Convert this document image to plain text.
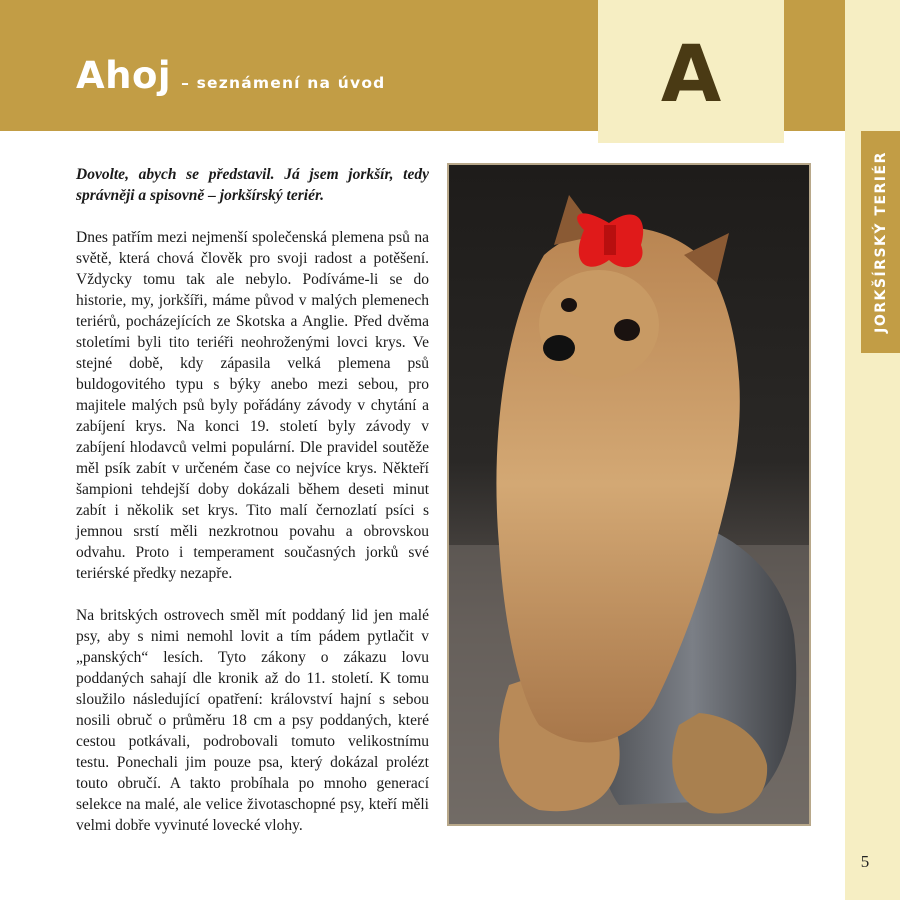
Ahoj – seznámení na úvod	A
JORKŠÍRSKÝ TERIÉR
5

Dovolte, abych se představil. Já jsem jorkšír, tedy správněji a spisovně – jorkšírský teriér.

Dnes patřím mezi nejmenší společenská plemena psů na světě, která chová člověk pro svoji radost a potěšení. Vždycky tomu tak ale nebylo. Podíváme-li se do historie, my, jorkšíři, máme původ v malých plemenech teriérů, pocházejících ze Skotska a Anglie. Před dvěma stoletími byli tito teriéři neohroženými lovci krys. Ve stejné době, kdy zápasila velká plemena psů buldogovitého typu s býky anebo mezi sebou, pro majitele malých psů byly pořádány závody v chytání a zabíjení krys. Na konci 19. století byly závody v zabíjení hlodavců velmi populární. Dle pravidel soutěže měl psík zabít v určeném čase co nejvíce krys. Někteří šampioni tehdejší doby dokázali během deseti minut zabít i několik set krys. Tito malí černozlatí psíci s jemnou srstí měli nezkrotnou povahu a obrovskou odvahu. Proto i temperament současných jorků své teriérské předky nezapře.

Na britských ostrovech směl mít poddaný lid jen malé psy, aby s nimi nemohl lovit a tím pádem pytlačit v „panských“ lesích. Tyto zákony o zákazu lovu poddaných sahají dle kronik až do 11. století. K tomu sloužilo následující opatření: království hajní s sebou nosili obruč o průměru 18 cm a psy poddaných, které cestou potkávali, podrobovali tomuto velikostnímu testu. Ponechali jim pouze psa, který dokázal prolézt touto obručí. A takto probíhala po mnoho generací selekce na malé, ale velice životaschopné psy, kteří měli velmi dobře vyvinuté lovecké vlohy.
